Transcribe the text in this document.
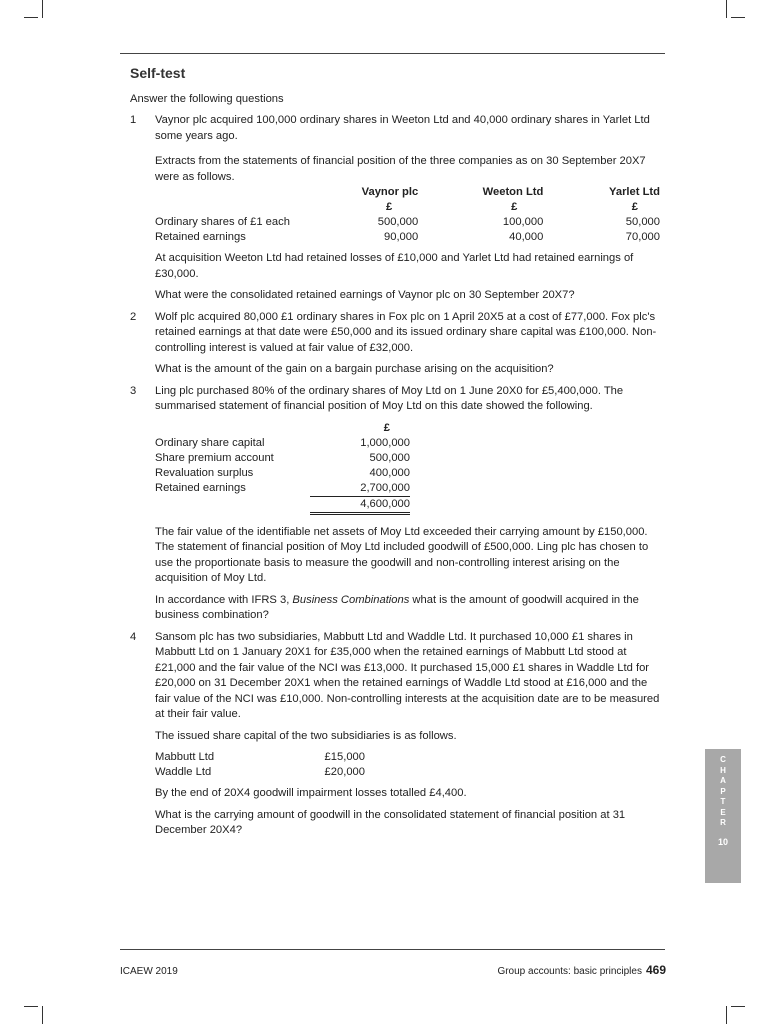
Self-test

Answer the following questions

1 Vaynor plc acquired 100,000 ordinary shares in Weeton Ltd and 40,000 ordinary shares in Yarlet Ltd some years ago.

Extracts from the statements of financial position of the three companies as on 30 September 20X7 were as follows.

	Vaynor plc	Weeton Ltd	Yarlet Ltd
	£	£	£
Ordinary shares of £1 each	500,000	100,000	50,000
Retained earnings	90,000	40,000	70,000

At acquisition Weeton Ltd had retained losses of £10,000 and Yarlet Ltd had retained earnings of £30,000.

What were the consolidated retained earnings of Vaynor plc on 30 September 20X7?

2 Wolf plc acquired 80,000 £1 ordinary shares in Fox plc on 1 April 20X5 at a cost of £77,000. Fox plc's retained earnings at that date were £50,000 and its issued ordinary share capital was £100,000. Non-controlling interest is valued at fair value of £32,000.

What is the amount of the gain on a bargain purchase arising on the acquisition?

3 Ling plc purchased 80% of the ordinary shares of Moy Ltd on 1 June 20X0 for £5,400,000. The summarised statement of financial position of Moy Ltd on this date showed the following.

	£
Ordinary share capital	1,000,000
Share premium account	500,000
Revaluation surplus	400,000
Retained earnings	2,700,000
	4,600,000

The fair value of the identifiable net assets of Moy Ltd exceeded their carrying amount by £150,000. The statement of financial position of Moy Ltd included goodwill of £500,000. Ling plc has chosen to use the proportionate basis to measure the goodwill and non-controlling interest arising on the acquisition of Moy Ltd.

In accordance with IFRS 3, Business Combinations what is the amount of goodwill acquired in the business combination?

4 Sansom plc has two subsidiaries, Mabbutt Ltd and Waddle Ltd. It purchased 10,000 £1 shares in Mabbutt Ltd on 1 January 20X1 for £35,000 when the retained earnings of Mabbutt Ltd stood at £21,000 and the fair value of the NCI was £13,000. It purchased 15,000 £1 shares in Waddle Ltd for £20,000 on 31 December 20X1 when the retained earnings of Waddle Ltd stood at £16,000 and the fair value of the NCI was £10,000. Non-controlling interests at the acquisition date are to be measured at their fair value.

The issued share capital of the two subsidiaries is as follows.

Mabbutt Ltd	£15,000
Waddle Ltd	£20,000

By the end of 20X4 goodwill impairment losses totalled £4,400.

What is the carrying amount of goodwill in the consolidated statement of financial position at 31 December 20X4?

C
H
A
P
T
E
R
10
ICAEW 2019	Group accounts: basic principles 469
